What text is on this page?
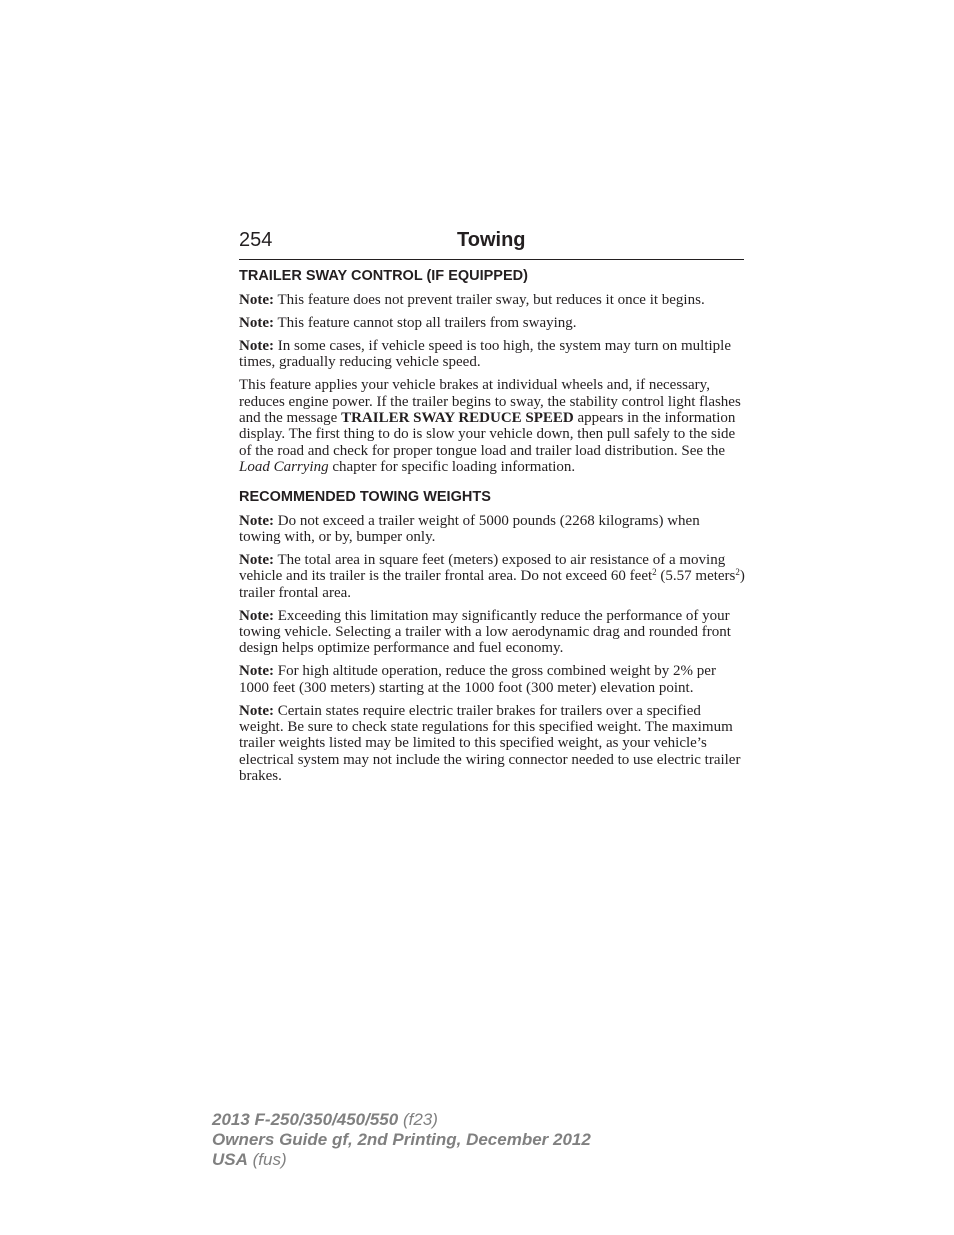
254	Towing
TRAILER SWAY CONTROL (IF EQUIPPED)

Note: This feature does not prevent trailer sway, but reduces it once it begins.

Note: This feature cannot stop all trailers from swaying.

Note: In some cases, if vehicle speed is too high, the system may turn on multiple times, gradually reducing vehicle speed.

This feature applies your vehicle brakes at individual wheels and, if necessary, reduces engine power. If the trailer begins to sway, the stability control light flashes and the message TRAILER SWAY REDUCE SPEED appears in the information display. The first thing to do is slow your vehicle down, then pull safely to the side of the road and check for proper tongue load and trailer load distribution. See the Load Carrying chapter for specific loading information.

RECOMMENDED TOWING WEIGHTS

Note: Do not exceed a trailer weight of 5000 pounds (2268 kilograms) when towing with, or by, bumper only.

Note: The total area in square feet (meters) exposed to air resistance of a moving vehicle and its trailer is the trailer frontal area. Do not exceed 60 feet$^2$ (5.57 meters$^2$) trailer frontal area.

Note: Exceeding this limitation may significantly reduce the performance of your towing vehicle. Selecting a trailer with a low aerodynamic drag and rounded front design helps optimize performance and fuel economy.

Note: For high altitude operation, reduce the gross combined weight by 2% per 1000 feet (300 meters) starting at the 1000 foot (300 meter) elevation point.

Note: Certain states require electric trailer brakes for trailers over a specified weight. Be sure to check state regulations for this specified weight. The maximum trailer weights listed may be limited to this specified weight, as your vehicle’s electrical system may not include the wiring connector needed to use electric trailer brakes.

2013 F-250/350/450/550 (f23)
Owners Guide gf, 2nd Printing, December 2012
USA (fus)
